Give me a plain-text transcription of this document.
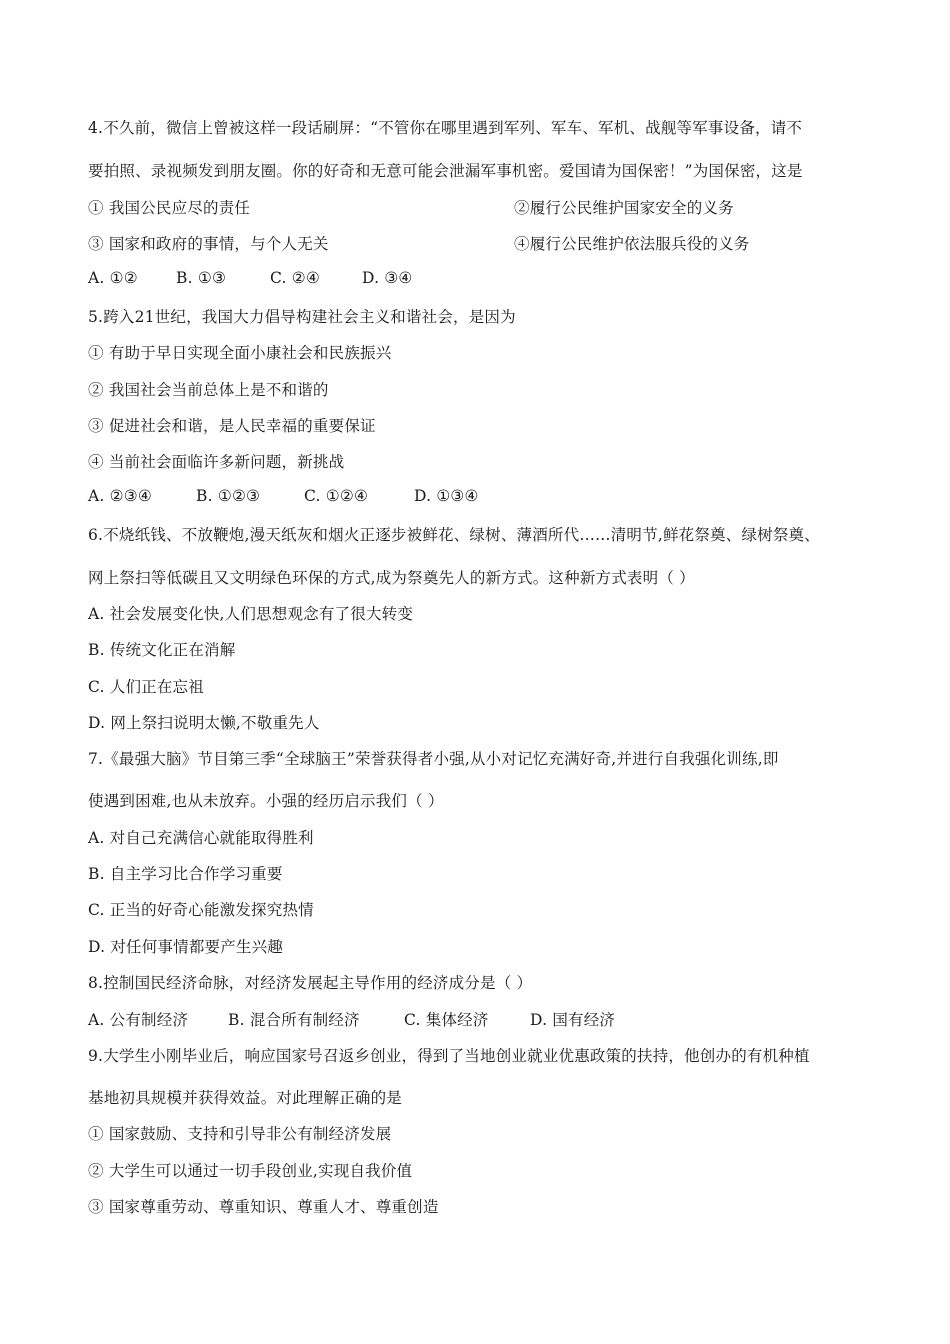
4.不久前，微信上曾被这样一段话刷屏：“不管你在哪里遇到军列、军车、军机、战舰等军事设备，请不
要拍照、录视频发到朋友圈。你的好奇和无意可能会泄漏军事机密。爱国请为国保密！”为国保密，这是
① 我国公民应尽的责任	②履行公民维护国家安全的义务
③ 国家和政府的事情，与个人无关	④履行公民维护依法服兵役的义务
A. ①② B. ①③	C. ②④	D. ③④
5.跨入21世纪，我国大力倡导构建社会主义和谐社会，是因为
① 有助于早日实现全面小康社会和民族振兴
② 我国社会当前总体上是不和谐的
③ 促进社会和谐，是人民幸福的重要保证
④ 当前社会面临许多新问题，新挑战
A. ②③④	B. ①②③	C. ①②④	D. ①③④
6.不烧纸钱、不放鞭炮,漫天纸灰和烟火正逐步被鲜花、绿树、薄酒所代……清明节,鲜花祭奠、绿树祭奠、
网上祭扫等低碳且又文明绿色环保的方式,成为祭奠先人的新方式。这种新方式表明（ ）
A. 社会发展变化快,人们思想观念有了很大转变
B. 传统文化正在消解
C. 人们正在忘祖
D. 网上祭扫说明太懒,不敬重先人
7.《最强大脑》节目第三季“全球脑王”荣誉获得者小强,从小对记忆充满好奇,并进行自我强化训练,即
使遇到困难,也从未放弃。小强的经历启示我们（ ）
A. 对自己充满信心就能取得胜利
B. 自主学习比合作学习重要
C. 正当的好奇心能激发探究热情
D. 对任何事情都要产生兴趣
8.控制国民经济命脉，对经济发展起主导作用的经济成分是（ ）
A. 公有制经济	B. 混合所有制经济	C. 集体经济	D. 国有经济
9.大学生小刚毕业后，响应国家号召返乡创业，得到了当地创业就业优惠政策的扶持，他创办的有机种植
基地初具规模并获得效益。对此理解正确的是
① 国家鼓励、支持和引导非公有制经济发展
② 大学生可以通过一切手段创业,实现自我价值
③ 国家尊重劳动、尊重知识、尊重人才、尊重创造
